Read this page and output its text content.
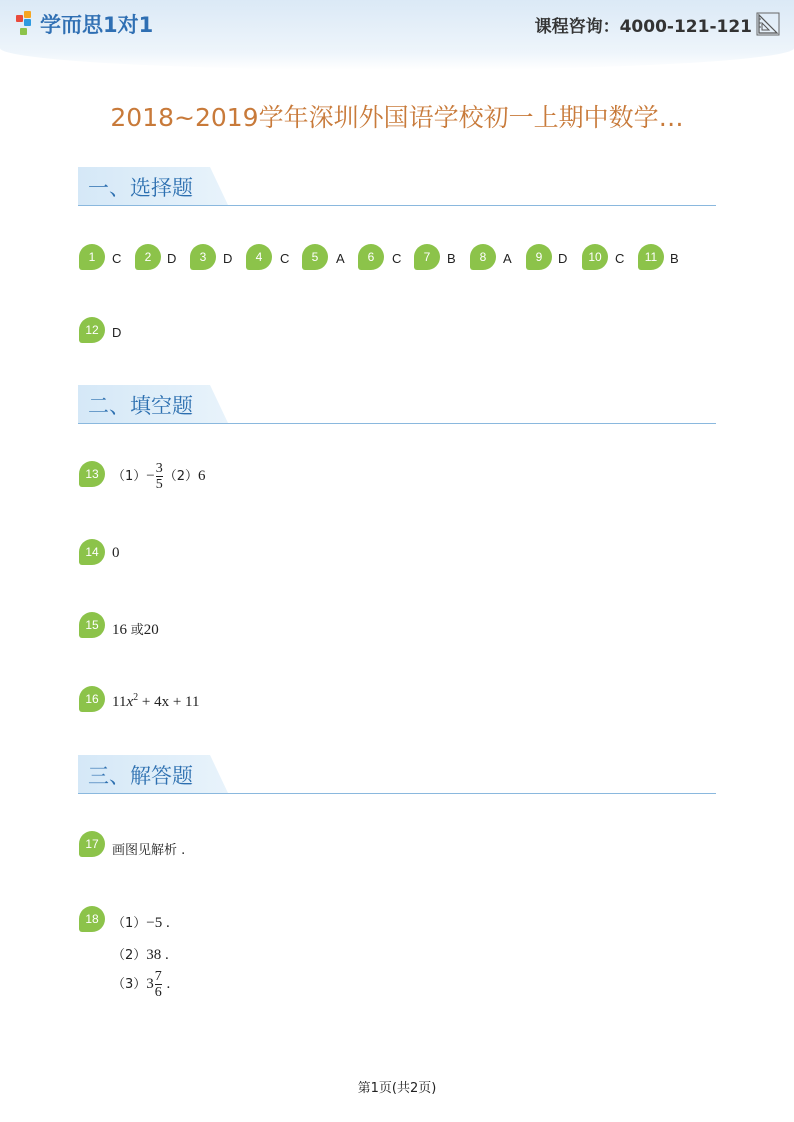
学而思1对1	课程咨询：4000-121-121
2018~2019学年深圳外国语学校初一上期中数学…
一、选择题
1	C	2	D	3	D	4	C	5	A	6	C	7	B	8	A	9	D	10	C	11 B
12	D
二、填空题
13	$(1)- \frac{3}{5} (2)6$
14 0
15 16 或20
16 $11x^2 + 4x + 11$
三、解答题
17	画图见解析 .
18	（1）−5 .
（2）38 .
$(3)3 \frac{7}{6}$ .
第1页(共2页)
